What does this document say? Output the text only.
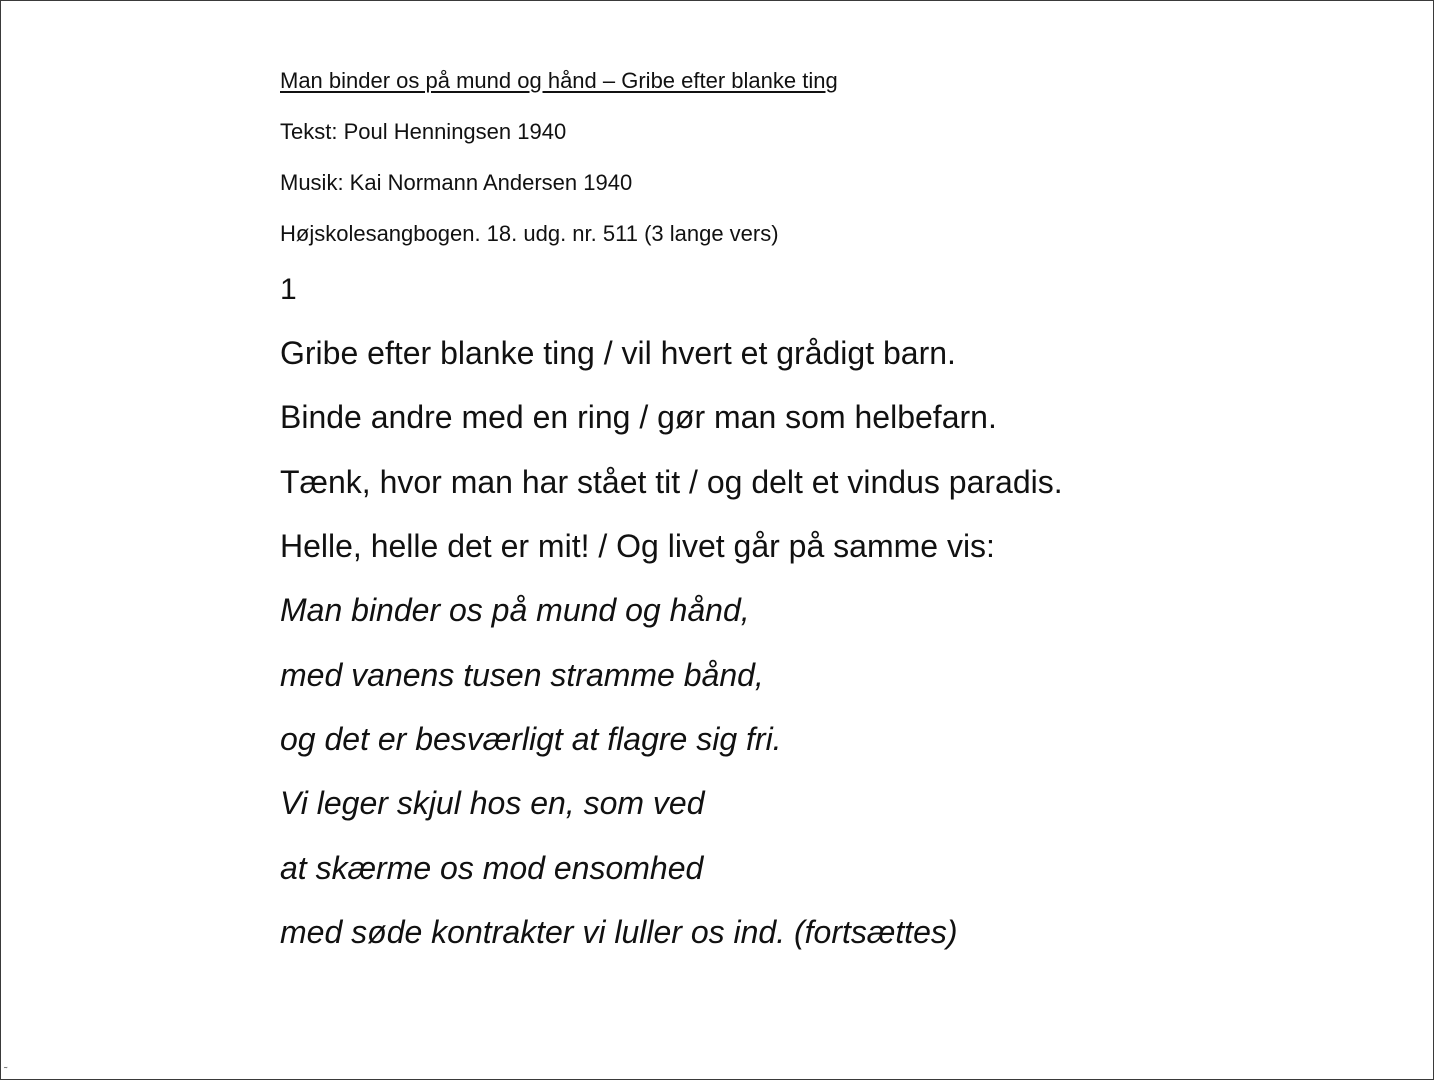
Man binder os på mund og hånd – Gribe efter blanke ting
Tekst: Poul Henningsen 1940
Musik: Kai Normann Andersen 1940
Højskolesangbogen. 18. udg. nr. 511 (3 lange vers)
1
Gribe efter blanke ting / vil hvert et grådigt barn.
Binde andre med en ring / gør man som helbefarn.
Tænk, hvor man har stået tit / og delt et vindus paradis.
Helle, helle det er mit! / Og livet går på samme vis:
Man binder os på mund og hånd,
med vanens tusen stramme bånd,
og det er besværligt at flagre sig fri.
Vi leger skjul hos en, som ved
at skærme os mod ensomhed
med søde kontrakter vi luller os ind. (fortsættes)
˜
